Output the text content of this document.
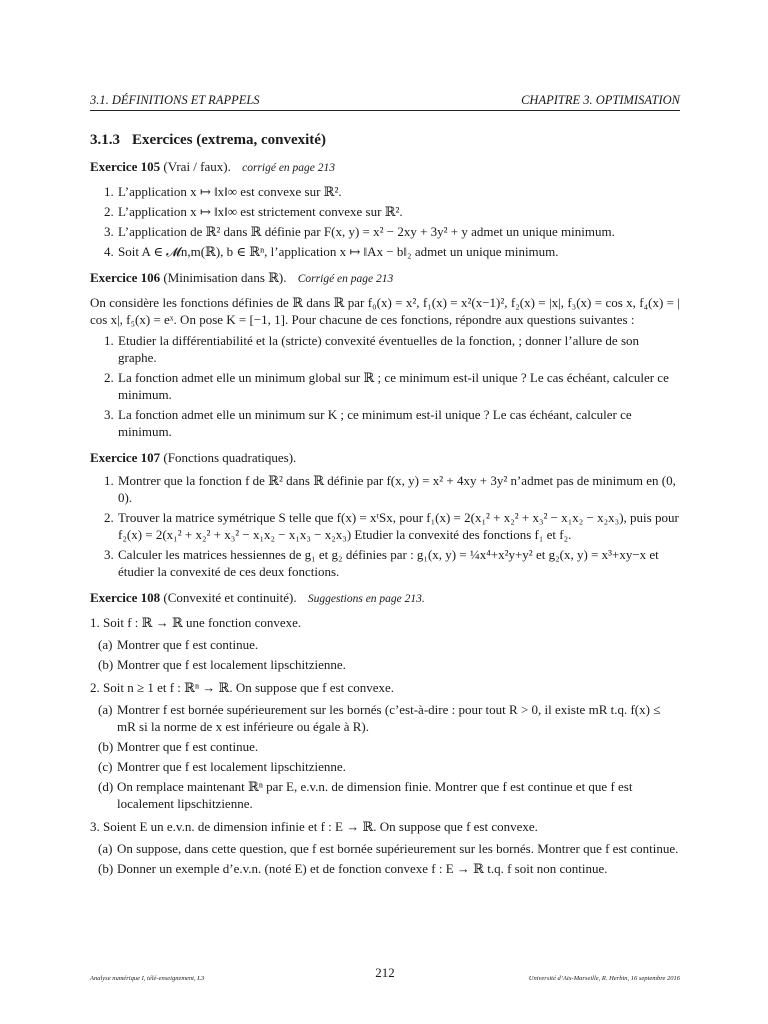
3.1. DÉFINITIONS ET RAPPELS	CHAPITRE 3. OPTIMISATION
3.1.3 Exercices (extrema, convexité)
Exercice 105 (Vrai / faux). corrigé en page 213
1. L’application x ↦ ‖x‖∞ est convexe sur ℝ².
2. L’application x ↦ ‖x‖∞ est strictement convexe sur ℝ².
3. L’application de ℝ² dans ℝ définie par F(x, y) = x² − 2xy + 3y² + y admet un unique minimum.
4. Soit A ∈ 𝓜n,m(ℝ), b ∈ ℝⁿ, l’application x ↦ ‖Ax − b‖₂ admet un unique minimum.
Exercice 106 (Minimisation dans ℝ). Corrigé en page 213

On considère les fonctions définies de ℝ dans ℝ par f₀(x) = x², f₁(x) = x²(x−1)², f₂(x) = |x|, f₃(x) = cos x, f₄(x) = | cos x|, f₅(x) = eˣ. On pose K = [−1, 1]. Pour chacune de ces fonctions, répondre aux questions suivantes :

1. Etudier la différentiabilité et la (stricte) convexité éventuelles de la fonction, ; donner l’allure de son graphe.
2. La fonction admet elle un minimum global sur ℝ ; ce minimum est-il unique ? Le cas échéant, calculer ce minimum.
3. La fonction admet elle un minimum sur K ; ce minimum est-il unique ? Le cas échéant, calculer ce minimum.
Exercice 107 (Fonctions quadratiques).
1. Montrer que la fonction f de ℝ² dans ℝ définie par f(x, y) = x² + 4xy + 3y² n’admet pas de minimum en (0, 0).
2. Trouver la matrice symétrique S telle que f(x) = xᵗSx, pour f₁(x) = 2(x₁² + x₂² + x₃² − x₁x₂ − x₂x₃), puis pour f₂(x) = 2(x₁² + x₂² + x₃² − x₁x₂ − x₁x₃ − x₂x₃) Etudier la convexité des fonctions f₁ et f₂.
3. Calculer les matrices hessiennes de g₁ et g₂ définies par : g₁(x, y) = ¼x⁴+x²y+y² et g₂(x, y) = x³+xy−x et étudier la convexité de ces deux fonctions.
Exercice 108 (Convexité et continuité). Suggestions en page 213.
1. Soit f : ℝ → ℝ une fonction convexe.
(a) Montrer que f est continue.
(b) Montrer que f est localement lipschitzienne.
2. Soit n ≥ 1 et f : ℝⁿ → ℝ. On suppose que f est convexe.
(a) Montrer f est bornée supérieurement sur les bornés (c’est-à-dire : pour tout R > 0, il existe mR t.q. f(x) ≤ mR si la norme de x est inférieure ou égale à R).
(b) Montrer que f est continue.
(c) Montrer que f est localement lipschitzienne.
(d) On remplace maintenant ℝⁿ par E, e.v.n. de dimension finie. Montrer que f est continue et que f est localement lipschitzienne.
3. Soient E un e.v.n. de dimension infinie et f : E → ℝ. On suppose que f est convexe.
(a) On suppose, dans cette question, que f est bornée supérieurement sur les bornés. Montrer que f est continue.
(b) Donner un exemple d’e.v.n. (noté E) et de fonction convexe f : E → ℝ t.q. f soit non continue.
Analyse numérique I, télé-enseignement, L3	212	Université d’Aix-Marseille, R. Herbin, 16 septembre 2016
